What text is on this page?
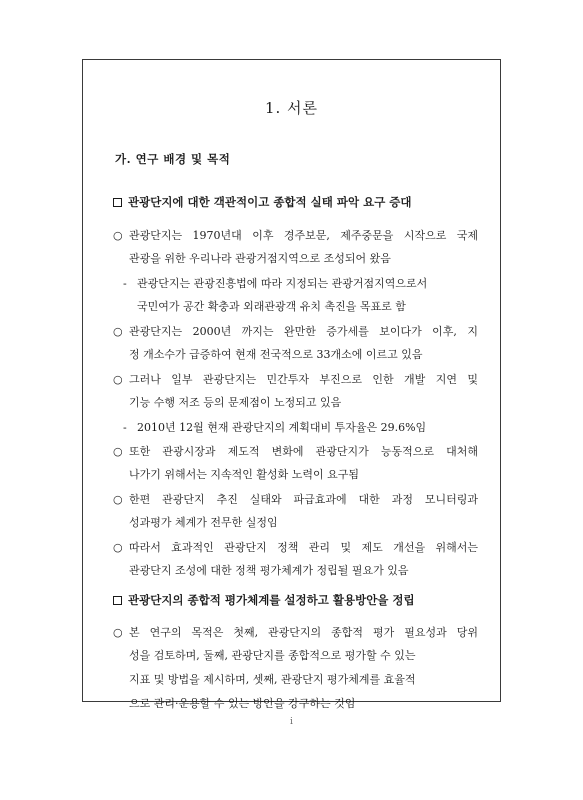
1. 서론
가. 연구 배경 및 목적
관광단지에 대한 객관적이고 종합적 실태 파악 요구 증대
○ 관광단지는 1970년대 이후 경주보문, 제주중문을 시작으로 국제
관광을 위한 우리나라 관광거점지역으로 조성되어 왔음
- 관광단지는 관광진흥법에 따라 지정되는 관광거점지역으로서
국민여가 공간 확충과 외래관광객 유치 촉진을 목표로 함
○ 관광단지는 2000년 까지는 완만한 증가세를 보이다가 이후, 지
정 개소수가 급증하여 현재 전국적으로 33개소에 이르고 있음
○ 그러나 일부 관광단지는 민간투자 부진으로 인한 개발 지연 및
기능 수행 저조 등의 문제점이 노정되고 있음
- 2010년 12월 현재 관광단지의 계획대비 투자율은 29.6%임
○ 또한 관광시장과 제도적 변화에 관광단지가 능동적으로 대처해
나가기 위해서는 지속적인 활성화 노력이 요구됨
○ 한편 관광단지 추진 실태와 파급효과에 대한 과정 모니터링과
성과평가 체계가 전무한 실정임
○ 따라서 효과적인 관광단지 정책 관리 및 제도 개선을 위해서는
관광단지 조성에 대한 정책 평가체계가 정립될 필요가 있음
관광단지의 종합적 평가체계를 설정하고 활용방안을 정립
○ 본 연구의 목적은 첫째, 관광단지의 종합적 평가 필요성과 당위
성을 검토하며, 둘째, 관광단지를 종합적으로 평가할 수 있는
지표 및 방법을 제시하며, 셋째, 관광단지 평가체계를 효율적
으로 관리·운용할 수 있는 방안을 강구하는 것임
i
